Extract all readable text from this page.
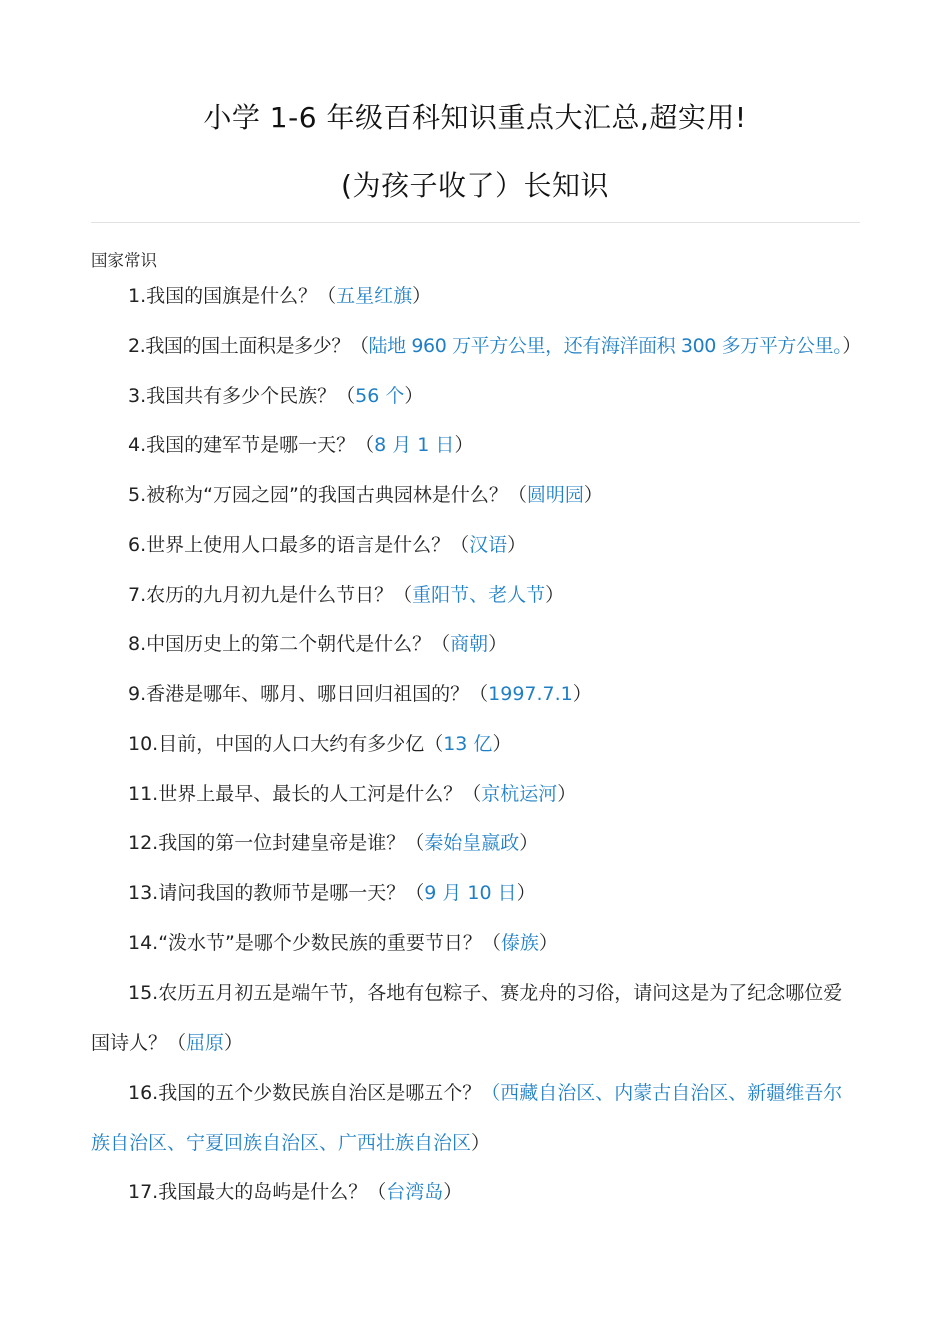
小学 1-6 年级百科知识重点大汇总,超实用!
(为孩子收了）长知识
国家常识
1.我国的国旗是什么？（五星红旗）
2.我国的国土面积是多少？（陆地 960 万平方公里，还有海洋面积 300 多万平方公里。）
3.我国共有多少个民族？（56 个）
4.我国的建军节是哪一天？（8 月 1 日）
5.被称为“万园之园”的我国古典园林是什么？（圆明园）
6.世界上使用人口最多的语言是什么？（汉语）
7.农历的九月初九是什么节日？（重阳节、老人节）
8.中国历史上的第二个朝代是什么？（商朝）
9.香港是哪年、哪月、哪日回归祖国的？（1997.7.1）
10.目前，中国的人口大约有多少亿（13 亿）
11.世界上最早、最长的人工河是什么？（京杭运河）
12.我国的第一位封建皇帝是谁？（秦始皇嬴政）
13.请问我国的教师节是哪一天？（9 月 10 日）
14.“泼水节”是哪个少数民族的重要节日？（傣族）
15.农历五月初五是端午节，各地有包粽子、赛龙舟的习俗，请问这是为了纪念哪位爱国诗人？（屈原）
16.我国的五个少数民族自治区是哪五个？（西藏自治区、内蒙古自治区、新疆维吾尔族自治区、宁夏回族自治区、广西壮族自治区）
17.我国最大的岛屿是什么？（台湾岛）
